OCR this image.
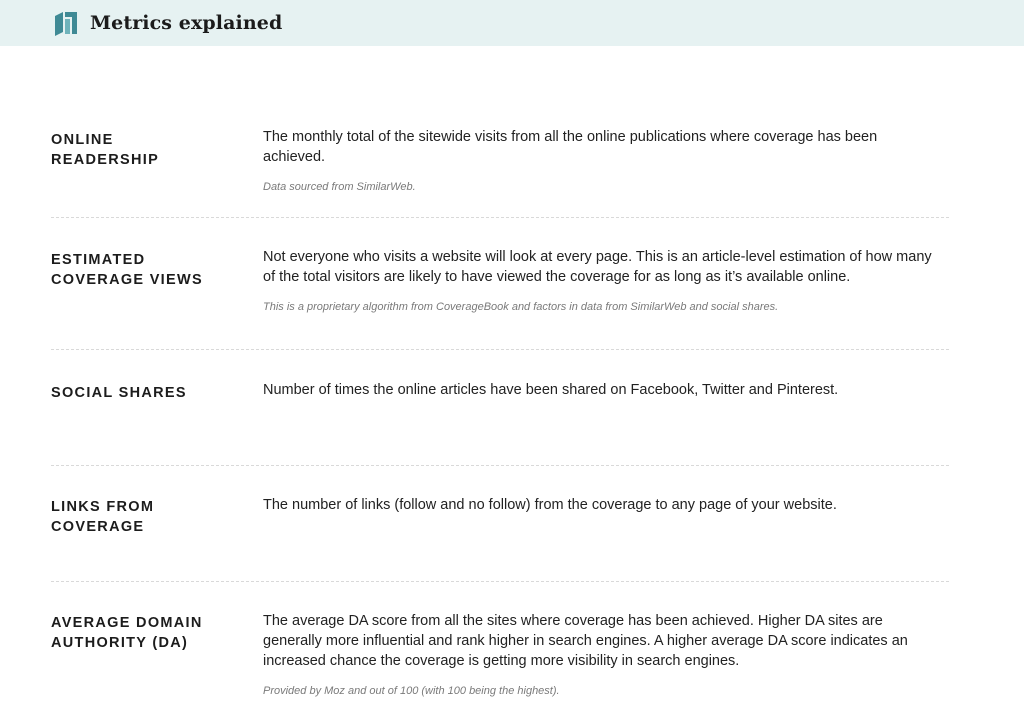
Metrics explained
ONLINE
READERSHIP

The monthly total of the sitewide visits from all the online publications where coverage has been achieved.

Data sourced from SimilarWeb.

ESTIMATED
COVERAGE VIEWS

Not everyone who visits a website will look at every page. This is an article-level estimation of how many of the total visitors are likely to have viewed the coverage for as long as it’s available online.

This is a proprietary algorithm from CoverageBook and factors in data from SimilarWeb and social shares.

SOCIAL SHARES	Number of times the online articles have been shared on Facebook, Twitter and Pinterest.

LINKS FROM
COVERAGE

The number of links (follow and no follow) from the coverage to any page of your website.

AVERAGE DOMAIN
AUTHORITY (DA)

The average DA score from all the sites where coverage has been achieved. Higher DA sites are generally more influential and rank higher in search engines. A higher average DA score indicates an increased chance the coverage is getting more visibility in search engines.

Provided by Moz and out of 100 (with 100 being the highest).
